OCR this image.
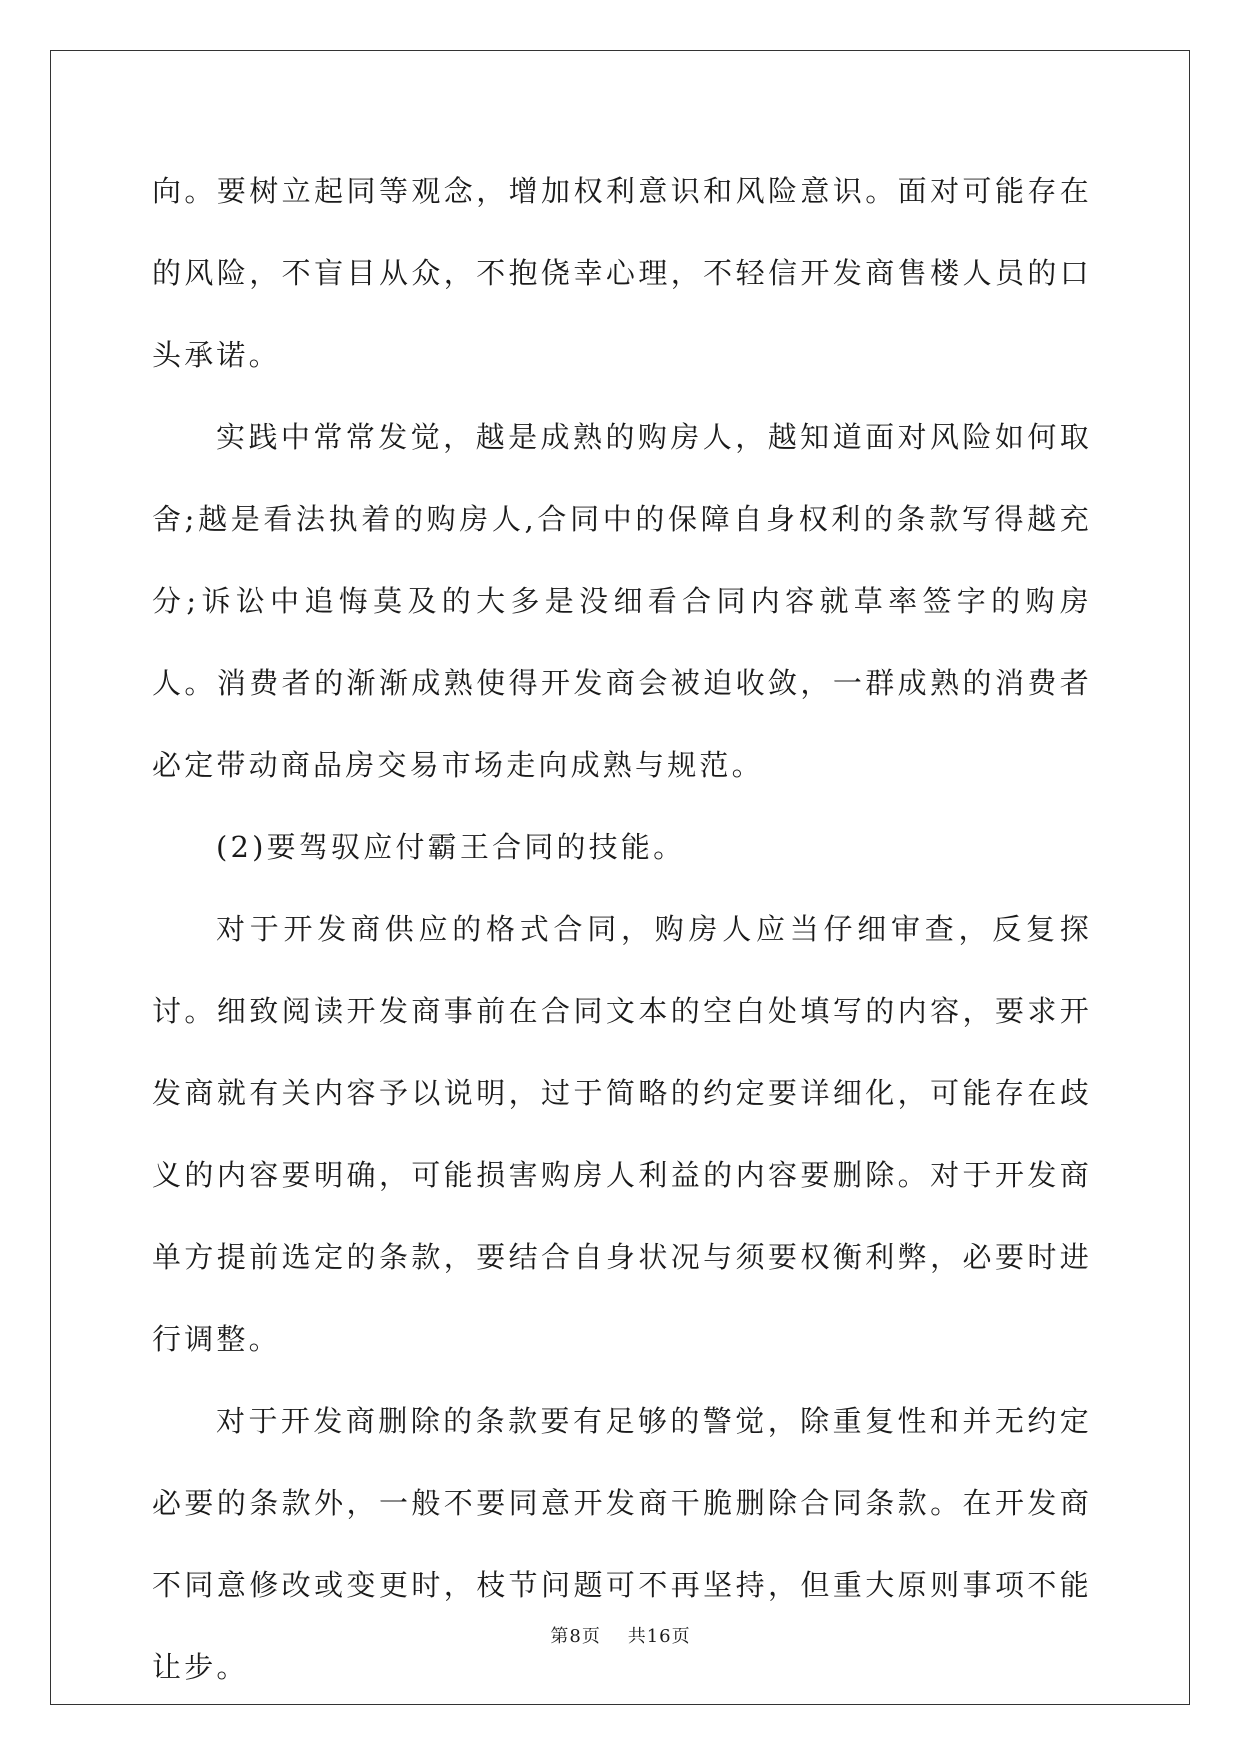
向。要树立起同等观念，增加权利意识和风险意识。面对可能存在的风险，不盲目从众，不抱侥幸心理，不轻信开发商售楼人员的口头承诺。

实践中常常发觉，越是成熟的购房人，越知道面对风险如何取舍;越是看法执着的购房人,合同中的保障自身权利的条款写得越充分;诉讼中追悔莫及的大多是没细看合同内容就草率签字的购房人。消费者的渐渐成熟使得开发商会被迫收敛，一群成熟的消费者必定带动商品房交易市场走向成熟与规范。

(2)要驾驭应付霸王合同的技能。

对于开发商供应的格式合同，购房人应当仔细审查，反复探讨。细致阅读开发商事前在合同文本的空白处填写的内容，要求开发商就有关内容予以说明，过于简略的约定要详细化，可能存在歧义的内容要明确，可能损害购房人利益的内容要删除。对于开发商单方提前选定的条款，要结合自身状况与须要权衡利弊，必要时进行调整。

对于开发商删除的条款要有足够的警觉，除重复性和并无约定必要的条款外，一般不要同意开发商干脆删除合同条款。在开发商不同意修改或变更时，枝节问题可不再坚持，但重大原则事项不能让步。

第8页 共16页
